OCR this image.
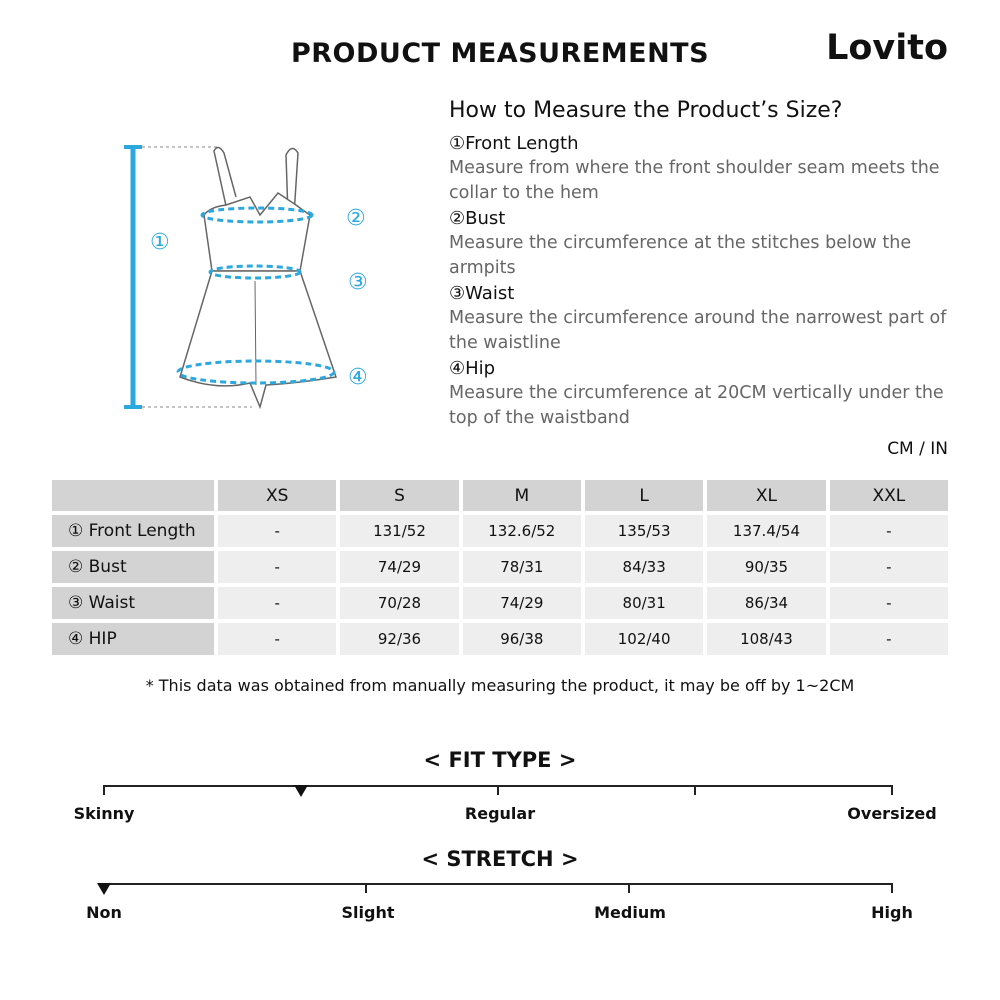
PRODUCT MEASUREMENTS	Lovito
①
②
③
④
How to Measure the Product’s Size?
①Front Length
Measure from where the front shoulder seam meets the collar to the hem
②Bust
Measure the circumference at the stitches below the armpits
③Waist
Measure the circumference around the narrowest part of the waistline
④Hip
Measure the circumference at 20CM vertically under the top of the waistband
CM / IN
	XS	S	M	L	XL	XXL
① Front Length	-	131/52	132.6/52	135/53	137.4/54	-
② Bust	-	74/29	78/31	84/33	90/35	-
③ Waist	-	70/28	74/29	80/31	86/34	-
④ HIP	-	92/36	96/38	102/40	108/43	-
* This data was obtained from manually measuring the product, it may be off by 1~2CM
< FIT TYPE >
Skinny	Regular	Oversized
< STRETCH >
Non	Slight	Medium	High
